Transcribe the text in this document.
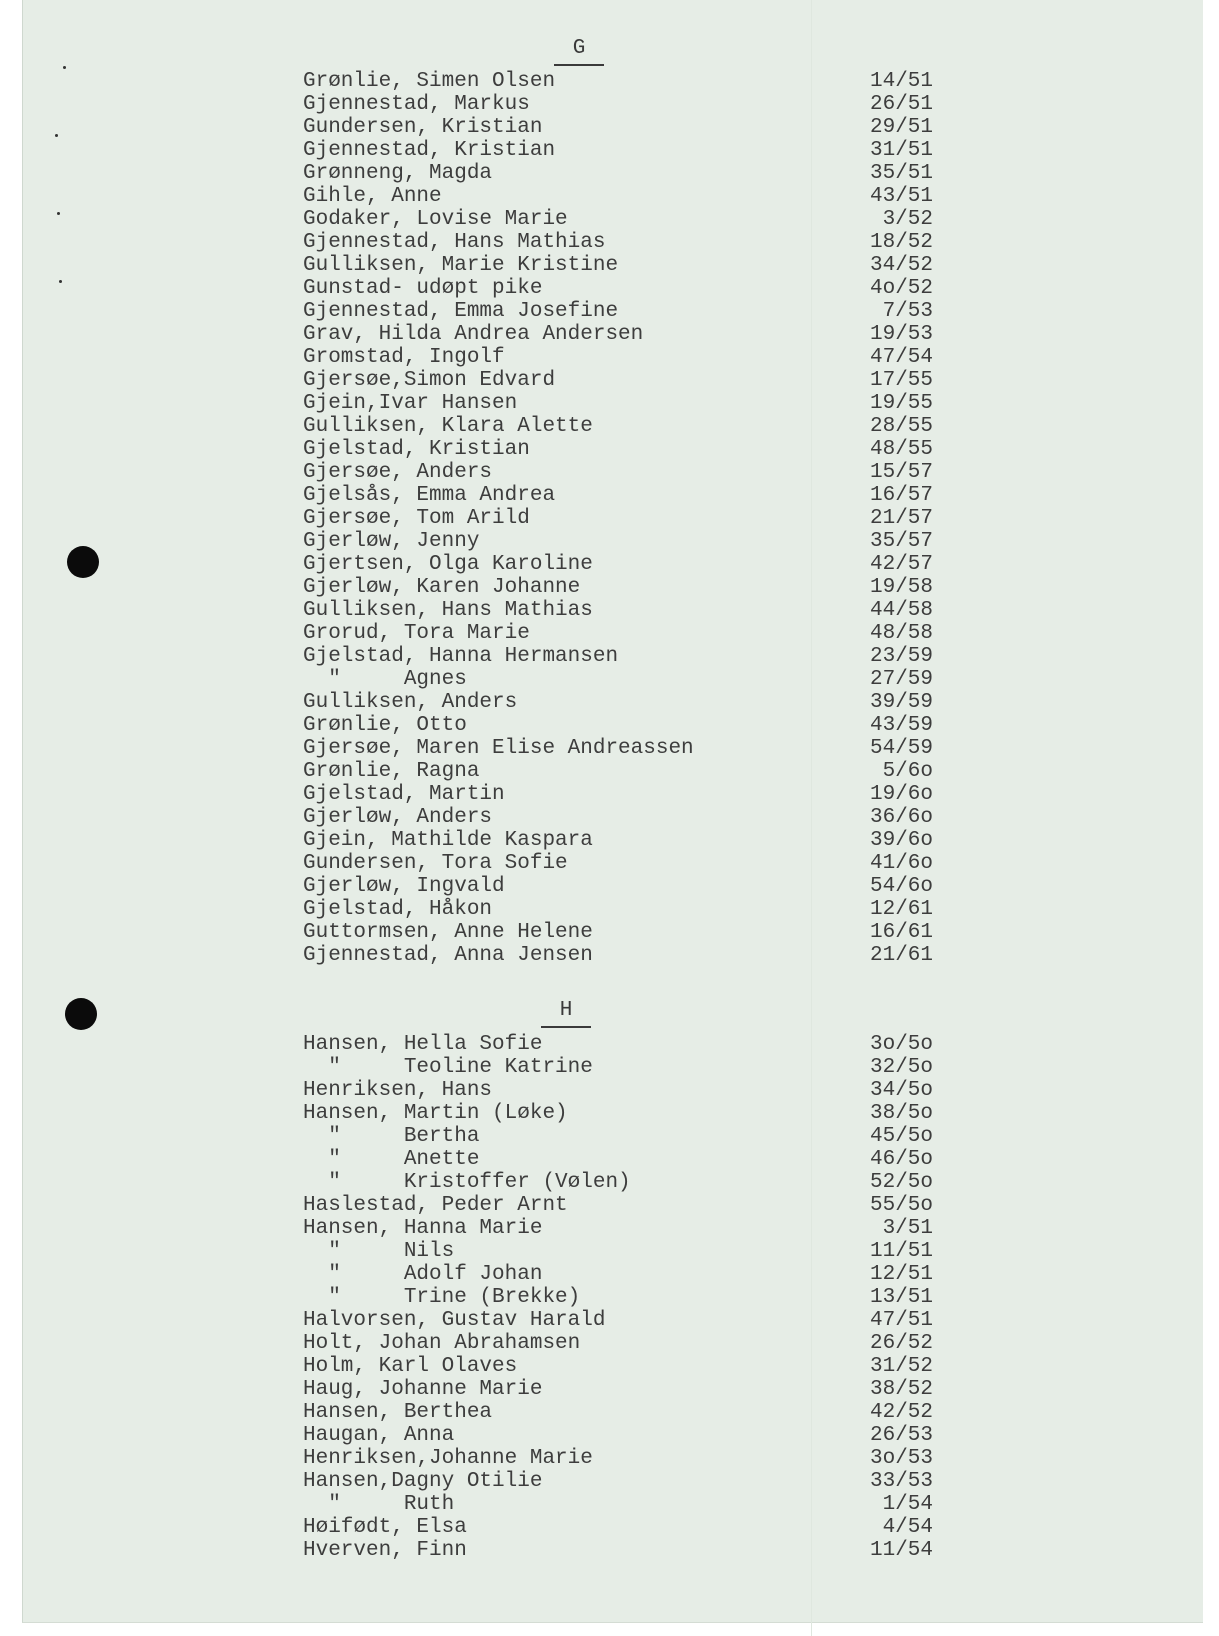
G
Grønlie, Simen Olsen	14/51
Gjennestad, Markus	26/51
Gundersen, Kristian	29/51
Gjennestad, Kristian	31/51
Grønneng, Magda	35/51
Gihle, Anne	43/51
Godaker, Lovise Marie	3/52
Gjennestad, Hans Mathias	18/52
Gulliksen, Marie Kristine	34/52
Gunstad- udøpt pike	4o/52
Gjennestad, Emma Josefine	7/53
Grav, Hilda Andrea Andersen	19/53
Gromstad, Ingolf	47/54
Gjersøe,Simon Edvard	17/55
Gjein,Ivar Hansen	19/55
Gulliksen, Klara Alette	28/55
Gjelstad, Kristian	48/55
Gjersøe, Anders	15/57
Gjelsås, Emma Andrea	16/57
Gjersøe, Tom Arild	21/57
Gjerløw, Jenny	35/57
Gjertsen, Olga Karoline	42/57
Gjerløw, Karen Johanne	19/58
Gulliksen, Hans Mathias	44/58
Grorud, Tora Marie	48/58
Gjelstad, Hanna Hermansen	23/59
"     Agnes	27/59
Gulliksen, Anders	39/59
Grønlie, Otto	43/59
Gjersøe, Maren Elise Andreassen	54/59
Grønlie, Ragna	5/6o
Gjelstad, Martin	19/6o
Gjerløw, Anders	36/6o
Gjein, Mathilde Kaspara	39/6o
Gundersen, Tora Sofie	41/6o
Gjerløw, Ingvald	54/6o
Gjelstad, Håkon	12/61
Guttormsen, Anne Helene	16/61
Gjennestad, Anna Jensen	21/61
H
Hansen, Hella Sofie	3o/5o
"     Teoline Katrine	32/5o
Henriksen, Hans	34/5o
Hansen, Martin (Løke)	38/5o
"     Bertha	45/5o
"     Anette	46/5o
"     Kristoffer (Vølen)	52/5o
Haslestad, Peder Arnt	55/5o
Hansen, Hanna Marie	3/51
"     Nils	11/51
"     Adolf Johan	12/51
"     Trine (Brekke)	13/51
Halvorsen, Gustav Harald	47/51
Holt, Johan Abrahamsen	26/52
Holm, Karl Olaves	31/52
Haug, Johanne Marie	38/52
Hansen, Berthea	42/52
Haugan, Anna	26/53
Henriksen,Johanne Marie	3o/53
Hansen,Dagny Otilie	33/53
"     Ruth	1/54
Høifødt, Elsa	4/54
Hverven, Finn	11/54
